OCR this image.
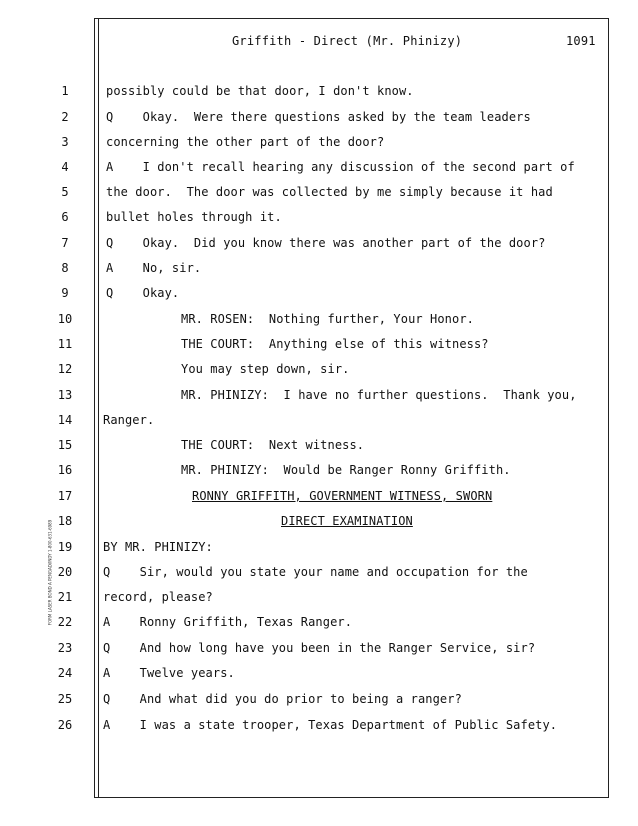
Griffith - Direct (Mr. Phinizy)	1091
FORM LASER BOND A PENGAD/INDY 1-800-631-6989
1	possibly could be that door, I don't know.
2	Q    Okay.  Were there questions asked by the team leaders
3	concerning the other part of the door?
4	A    I don't recall hearing any discussion of the second part of
5	the door.  The door was collected by me simply because it had
6	bullet holes through it.
7	Q    Okay.  Did you know there was another part of the door?
8	A    No, sir.
9	Q    Okay.
10	MR. ROSEN:  Nothing further, Your Honor.
11	THE COURT:  Anything else of this witness?
12	You may step down, sir.
13	MR. PHINIZY:  I have no further questions.  Thank you,
14	Ranger.
15	THE COURT:  Next witness.
16	MR. PHINIZY:  Would be Ranger Ronny Griffith.
17	RONNY GRIFFITH, GOVERNMENT WITNESS, SWORN
18	DIRECT EXAMINATION
19	BY MR. PHINIZY:
20	Q    Sir, would you state your name and occupation for the
21	record, please?
22	A    Ronny Griffith, Texas Ranger.
23	Q    And how long have you been in the Ranger Service, sir?
24	A    Twelve years.
25	Q    And what did you do prior to being a ranger?
26	A    I was a state trooper, Texas Department of Public Safety.
